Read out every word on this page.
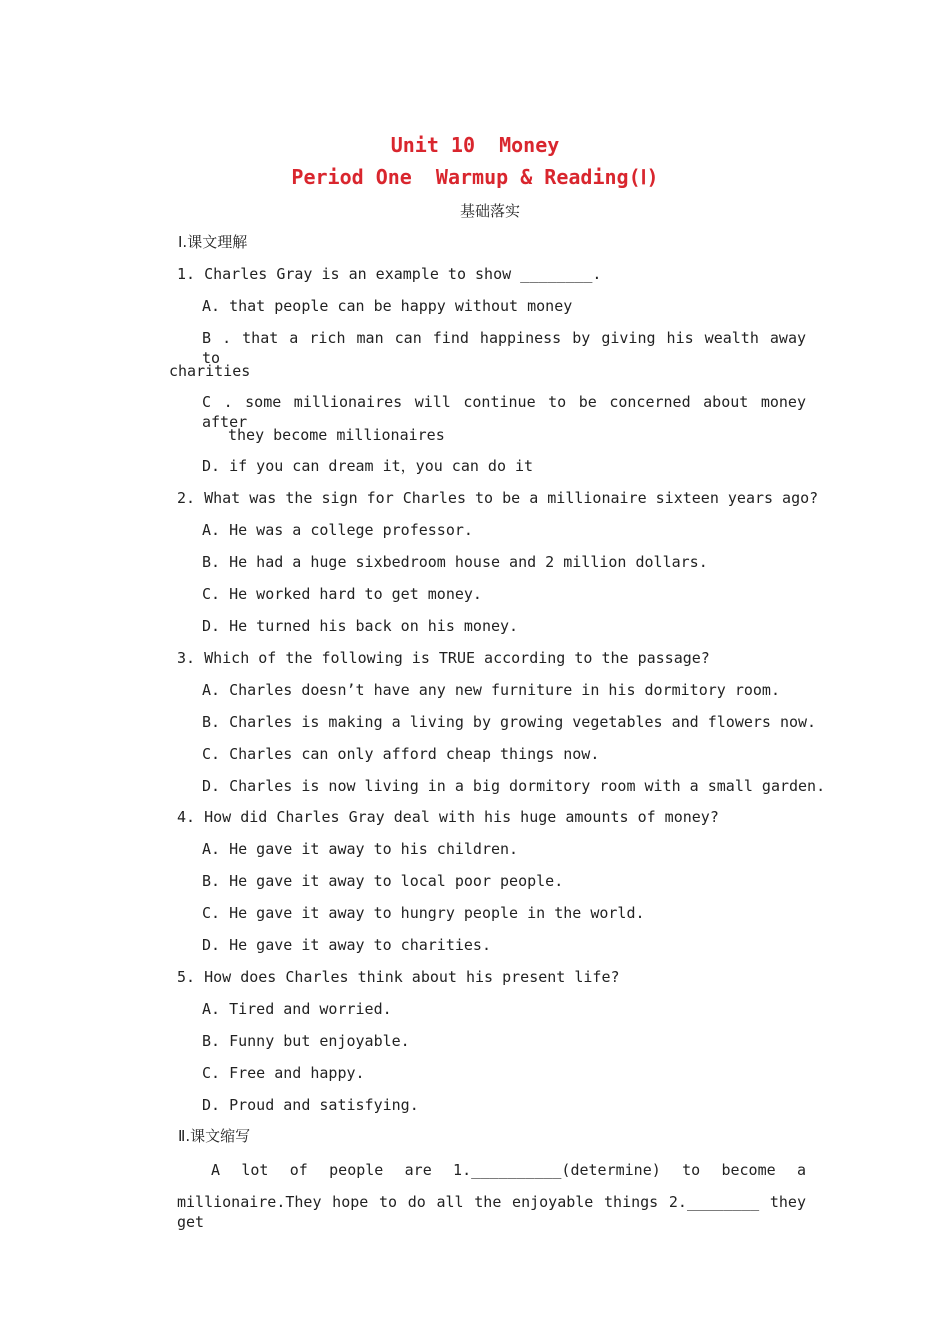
Unit 10  Money
Period One  Warmup & Reading(Ⅰ)
基础落实
Ⅰ.课文理解
1. Charles Gray is an example to show ________.
A. that people can be happy without money
B . that a rich man can find happiness by giving his wealth away to
charities
C . some millionaires will continue to be concerned about money after
they become millionaires
D. if you can dream it，you can do it
2. What was the sign for Charles to be a millionaire sixteen years ago?
A. He was a college professor.
B. He had a huge sixbedroom house and 2 million dollars.
C. He worked hard to get money.
D. He turned his back on his money.
3. Which of the following is TRUE according to the passage?
A. Charles doesn’t have any new furniture in his dormitory room.
B. Charles is making a living by growing vegetables and flowers now.
C. Charles can only afford cheap things now.
D. Charles is now living in a big dormitory room with a small garden.
4. How did Charles Gray deal with his huge amounts of money?
A. He gave it away to his children.
B. He gave it away to local poor people.
C. He gave it away to hungry people in the world.
D. He gave it away to charities.
5. How does Charles think about his present life?
A. Tired and worried.
B. Funny but enjoyable.
C. Free and happy.
D. Proud and satisfying.
Ⅱ.课文缩写
A lot of people are 1.__________(determine) to become a
millionaire.They hope to do all the enjoyable things 2.________ they get
